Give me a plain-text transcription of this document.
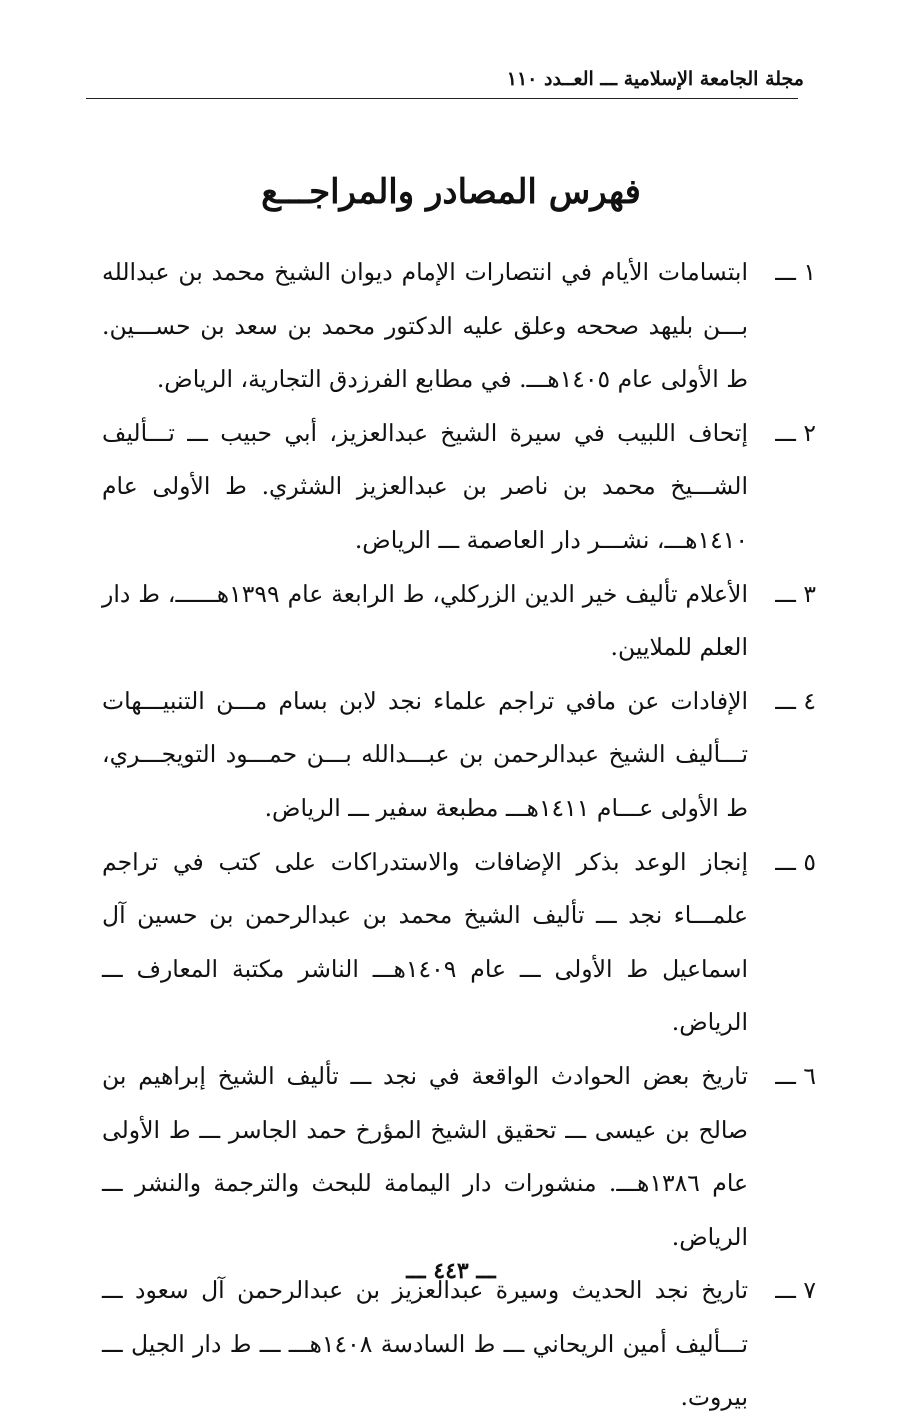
مجلة الجامعة الإسلامية ـــ العــدد ١١٠
فهرس المصادر والمراجـــع
١ ـــ
ابتسامات الأيام في انتصارات الإمام ديوان الشيخ محمد بن عبدالله بـــن بليهد صححه وعلق عليه الدكتور محمد بن سعد بن حســـين. ط الأولى عام ١٤٠٥هـــ. في مطابع الفرزدق التجارية، الرياض.
٢ ـــ
إتحاف اللبيب في سيرة الشيخ عبدالعزيز، أبي حبيب ـــ تـــأليف الشـــيخ محمد بن ناصر بن عبدالعزيز الشثري. ط الأولى عام ١٤١٠هـــ، نشـــر دار العاصمة ـــ الرياض.
٣ ـــ
الأعلام تأليف خير الدين الزركلي، ط الرابعة عام ١٣٩٩هــــــ، ط دار العلم للملايين.
٤ ـــ
الإفادات عن مافي تراجم علماء نجد لابن بسام مـــن التنبيـــهات تـــأليف الشيخ عبدالرحمن بن عبـــدالله بـــن حمـــود التويجـــري، ط الأولى عـــام ١٤١١هـــ مطبعة سفير ـــ الرياض.
٥ ـــ
إنجاز الوعد بذكر الإضافات والاستدراكات على كتب في تراجم علمـــاء نجد ـــ تأليف الشيخ محمد بن عبدالرحمن بن حسين آل اسماعيل ط الأولى ـــ عام ١٤٠٩هـــ الناشر مكتبة المعارف ـــ الرياض.
٦ ـــ
تاريخ بعض الحوادث الواقعة في نجد ـــ تأليف الشيخ إبراهيم بن صالح بن عيسى ـــ تحقيق الشيخ المؤرخ حمد الجاسر ـــ ط الأولى عام ١٣٨٦هـــ. منشورات دار اليمامة للبحث والترجمة والنشر ـــ الرياض.
٧ ـــ
تاريخ نجد الحديث وسيرة عبدالعزيز بن عبدالرحمن آل سعود ـــ تـــأليف أمين الريحاني ـــ ط السادسة ١٤٠٨هـــ ـــ ط دار الجيل ـــ بيروت.
ـــ ٤٤٣ ـــ
